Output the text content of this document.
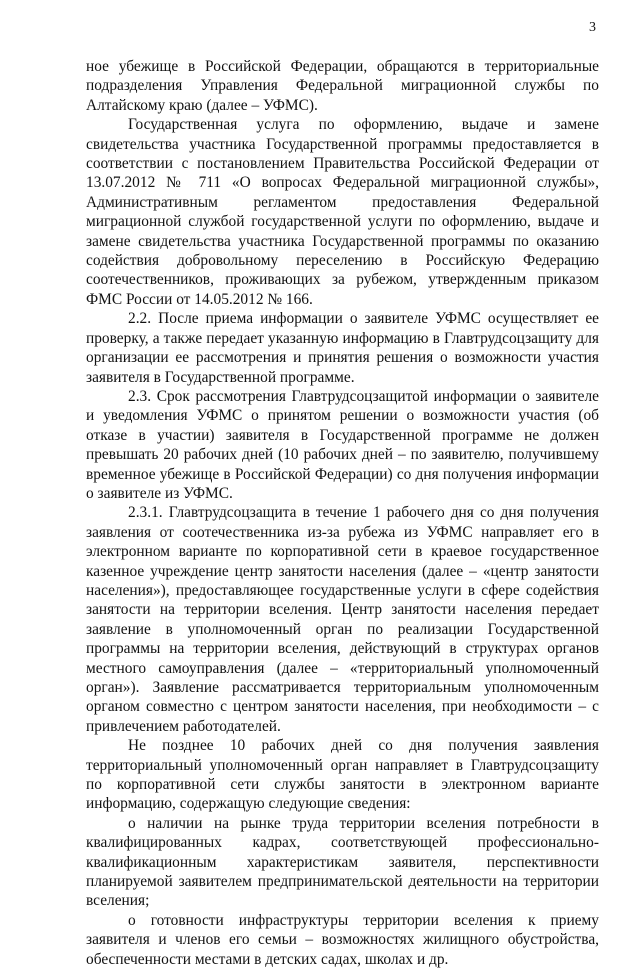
3

ное убежище в Российской Федерации, обращаются в территориальные подразделения Управления Федеральной миграционной службы по Алтайскому краю (далее – УФМС).

Государственная услуга по оформлению, выдаче и замене свидетельства участника Государственной программы предоставляется в соответствии с постановлением Правительства Российской Федерации от 13.07.2012 № 711 «О вопросах Федеральной миграционной службы», Административным регламентом предоставления Федеральной миграционной службой государственной услуги по оформлению, выдаче и замене свидетельства участника Государственной программы по оказанию содействия добровольному переселению в Российскую Федерацию соотечественников, проживающих за рубежом, утвержденным приказом ФМС России от 14.05.2012 № 166.

2.2. После приема информации о заявителе УФМС осуществляет ее проверку, а также передает указанную информацию в Главтрудсоцзащиту для организации ее рассмотрения и принятия решения о возможности участия заявителя в Государственной программе.

2.3. Срок рассмотрения Главтрудсоцзащитой информации о заявителе и уведомления УФМС о принятом решении о возможности участия (об отказе в участии) заявителя в Государственной программе не должен превышать 20 рабочих дней (10 рабочих дней – по заявителю, получившему временное убежище в Российской Федерации) со дня получения информации о заявителе из УФМС.

2.3.1. Главтрудсоцзащита в течение 1 рабочего дня со дня получения заявления от соотечественника из-за рубежа из УФМС направляет его в электронном варианте по корпоративной сети в краевое государственное казенное учреждение центр занятости населения (далее – «центр занятости населения»), предоставляющее государственные услуги в сфере содействия занятости на территории вселения. Центр занятости населения передает заявление в уполномоченный орган по реализации Государственной программы на территории вселения, действующий в структурах органов местного самоуправления (далее – «территориальный уполномоченный орган»). Заявление рассматривается территориальным уполномоченным органом совместно с центром занятости населения, при необходимости – с привлечением работодателей.

Не позднее 10 рабочих дней со дня получения заявления территориальный уполномоченный орган направляет в Главтрудсоцзащиту по корпоративной сети службы занятости в электронном варианте информацию, содержащую следующие сведения:

о наличии на рынке труда территории вселения потребности в квалифицированных кадрах, соответствующей профессионально-квалификационным характеристикам заявителя, перспективности планируемой заявителем предпринимательской деятельности на территории вселения;

о готовности инфраструктуры территории вселения к приему заявителя и членов его семьи – возможностях жилищного обустройства, обеспеченности местами в детских садах, школах и др.
